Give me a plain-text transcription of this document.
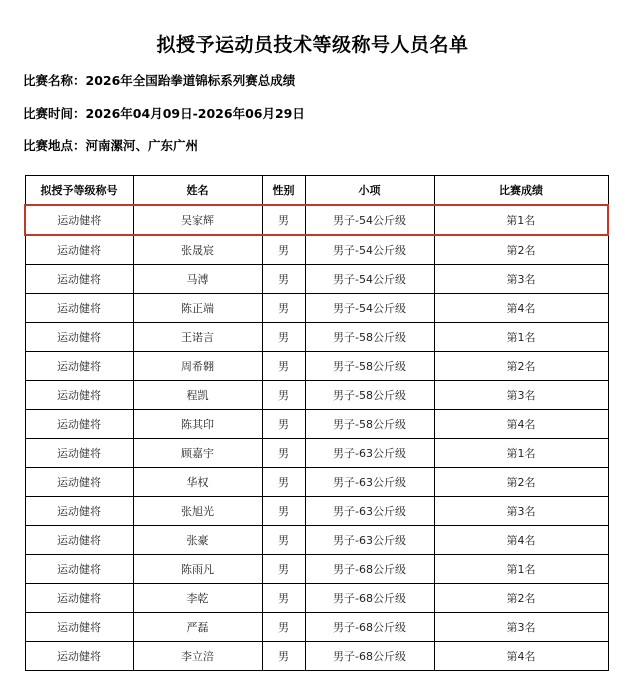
拟授予运动员技术等级称号人员名单
比赛名称：2026年全国跆拳道锦标系列赛总成绩
比赛时间：2026年04月09日-2026年06月29日
比赛地点：河南漯河、广东广州
拟授予等级称号	姓名	性别	小项	比赛成绩
运动健将	吴家辉	男	男子-54公斤级	第1名
运动健将	张晟宸	男	男子-54公斤级	第2名
运动健将	马溥	男	男子-54公斤级	第3名
运动健将	陈正端	男	男子-54公斤级	第4名
运动健将	王诺言	男	男子-58公斤级	第1名
运动健将	周希翱	男	男子-58公斤级	第2名
运动健将	程凯	男	男子-58公斤级	第3名
运动健将	陈其印	男	男子-58公斤级	第4名
运动健将	顾嘉宇	男	男子-63公斤级	第1名
运动健将	华权	男	男子-63公斤级	第2名
运动健将	张旭光	男	男子-63公斤级	第3名
运动健将	张豪	男	男子-63公斤级	第4名
运动健将	陈雨凡	男	男子-68公斤级	第1名
运动健将	李乾	男	男子-68公斤级	第2名
运动健将	严磊	男	男子-68公斤级	第3名
运动健将	李立涪	男	男子-68公斤级	第4名
